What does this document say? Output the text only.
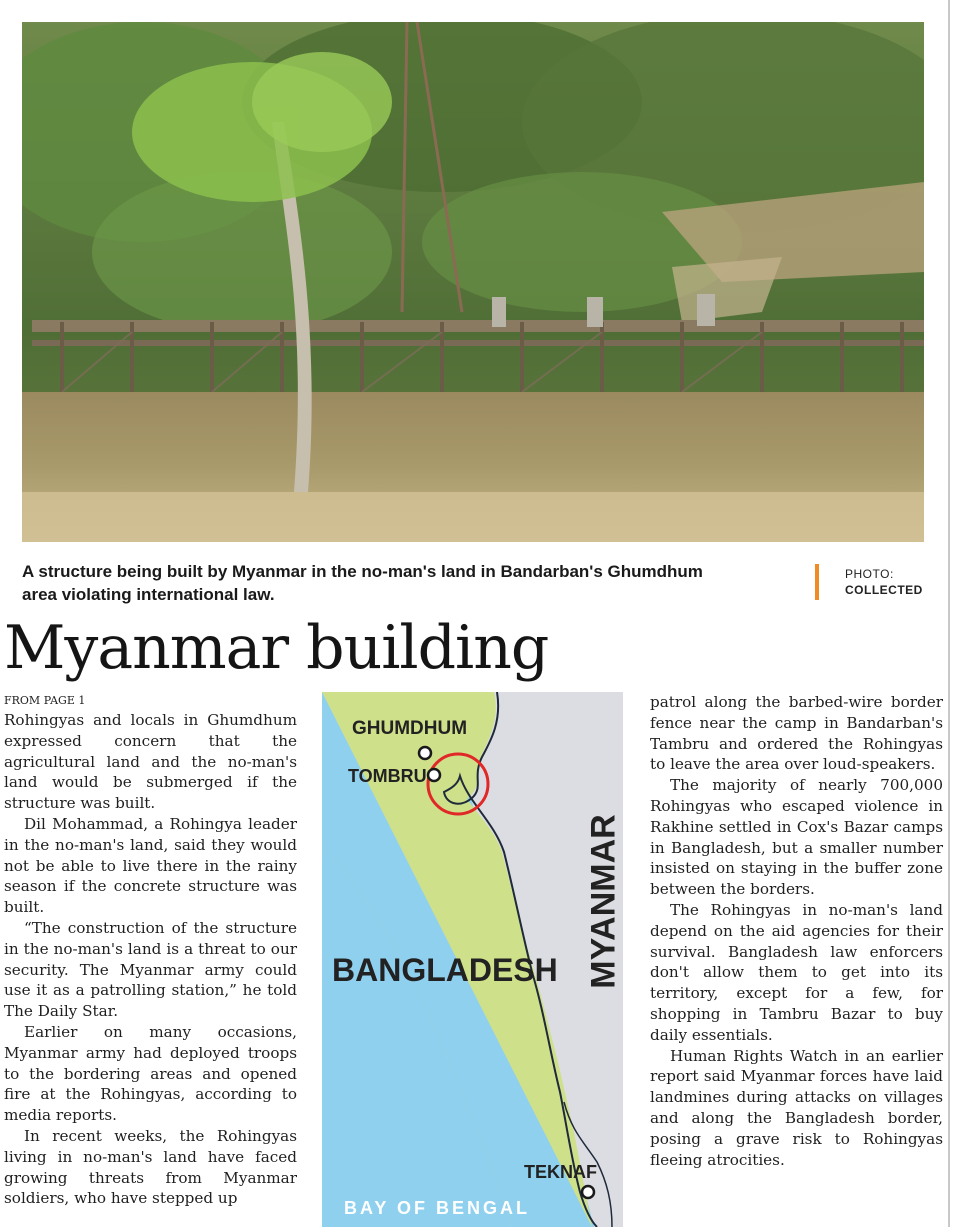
A structure being built by Myanmar in the no-man's land in Bandarban's Ghumdhum area violating international law.
PHOTO:
COLLECTED
Myanmar building
FROM PAGE 1

Rohingyas and locals in Ghumdhum expressed concern that the agricultural land and the no-man's land would be submerged if the structure was built.

Dil Mohammad, a Rohingya leader in the no-man's land, said they would not be able to live there in the rainy season if the concrete structure was built.

“The construction of the structure in the no-man's land is a threat to our security. The Myanmar army could use it as a patrolling station,” he told The Daily Star.

Earlier on many occasions, Myanmar army had deployed troops to the bordering areas and opened fire at the Rohingyas, according to media reports.

In recent weeks, the Rohingyas living in no-man's land have faced growing threats from Myanmar soldiers, who have stepped up

GHUMDHUM
TOMBRU
MYANMAR
BANGLADESH
TEKNAF
BAY OF BENGAL

patrol along the barbed-wire border fence near the camp in Bandarban's Tambru and ordered the Rohingyas to leave the area over loud-speakers.

The majority of nearly 700,000 Rohingyas who escaped violence in Rakhine settled in Cox's Bazar camps in Bangladesh, but a smaller number insisted on staying in the buffer zone between the borders.

The Rohingyas in no-man's land depend on the aid agencies for their survival. Bangladesh law enforcers don't allow them to get into its territory, except for a few, for shopping in Tambru Bazar to buy daily essentials.

Human Rights Watch in an earlier report said Myanmar forces have laid landmines during attacks on villages and along the Bangladesh border, posing a grave risk to Rohingyas fleeing atrocities.
